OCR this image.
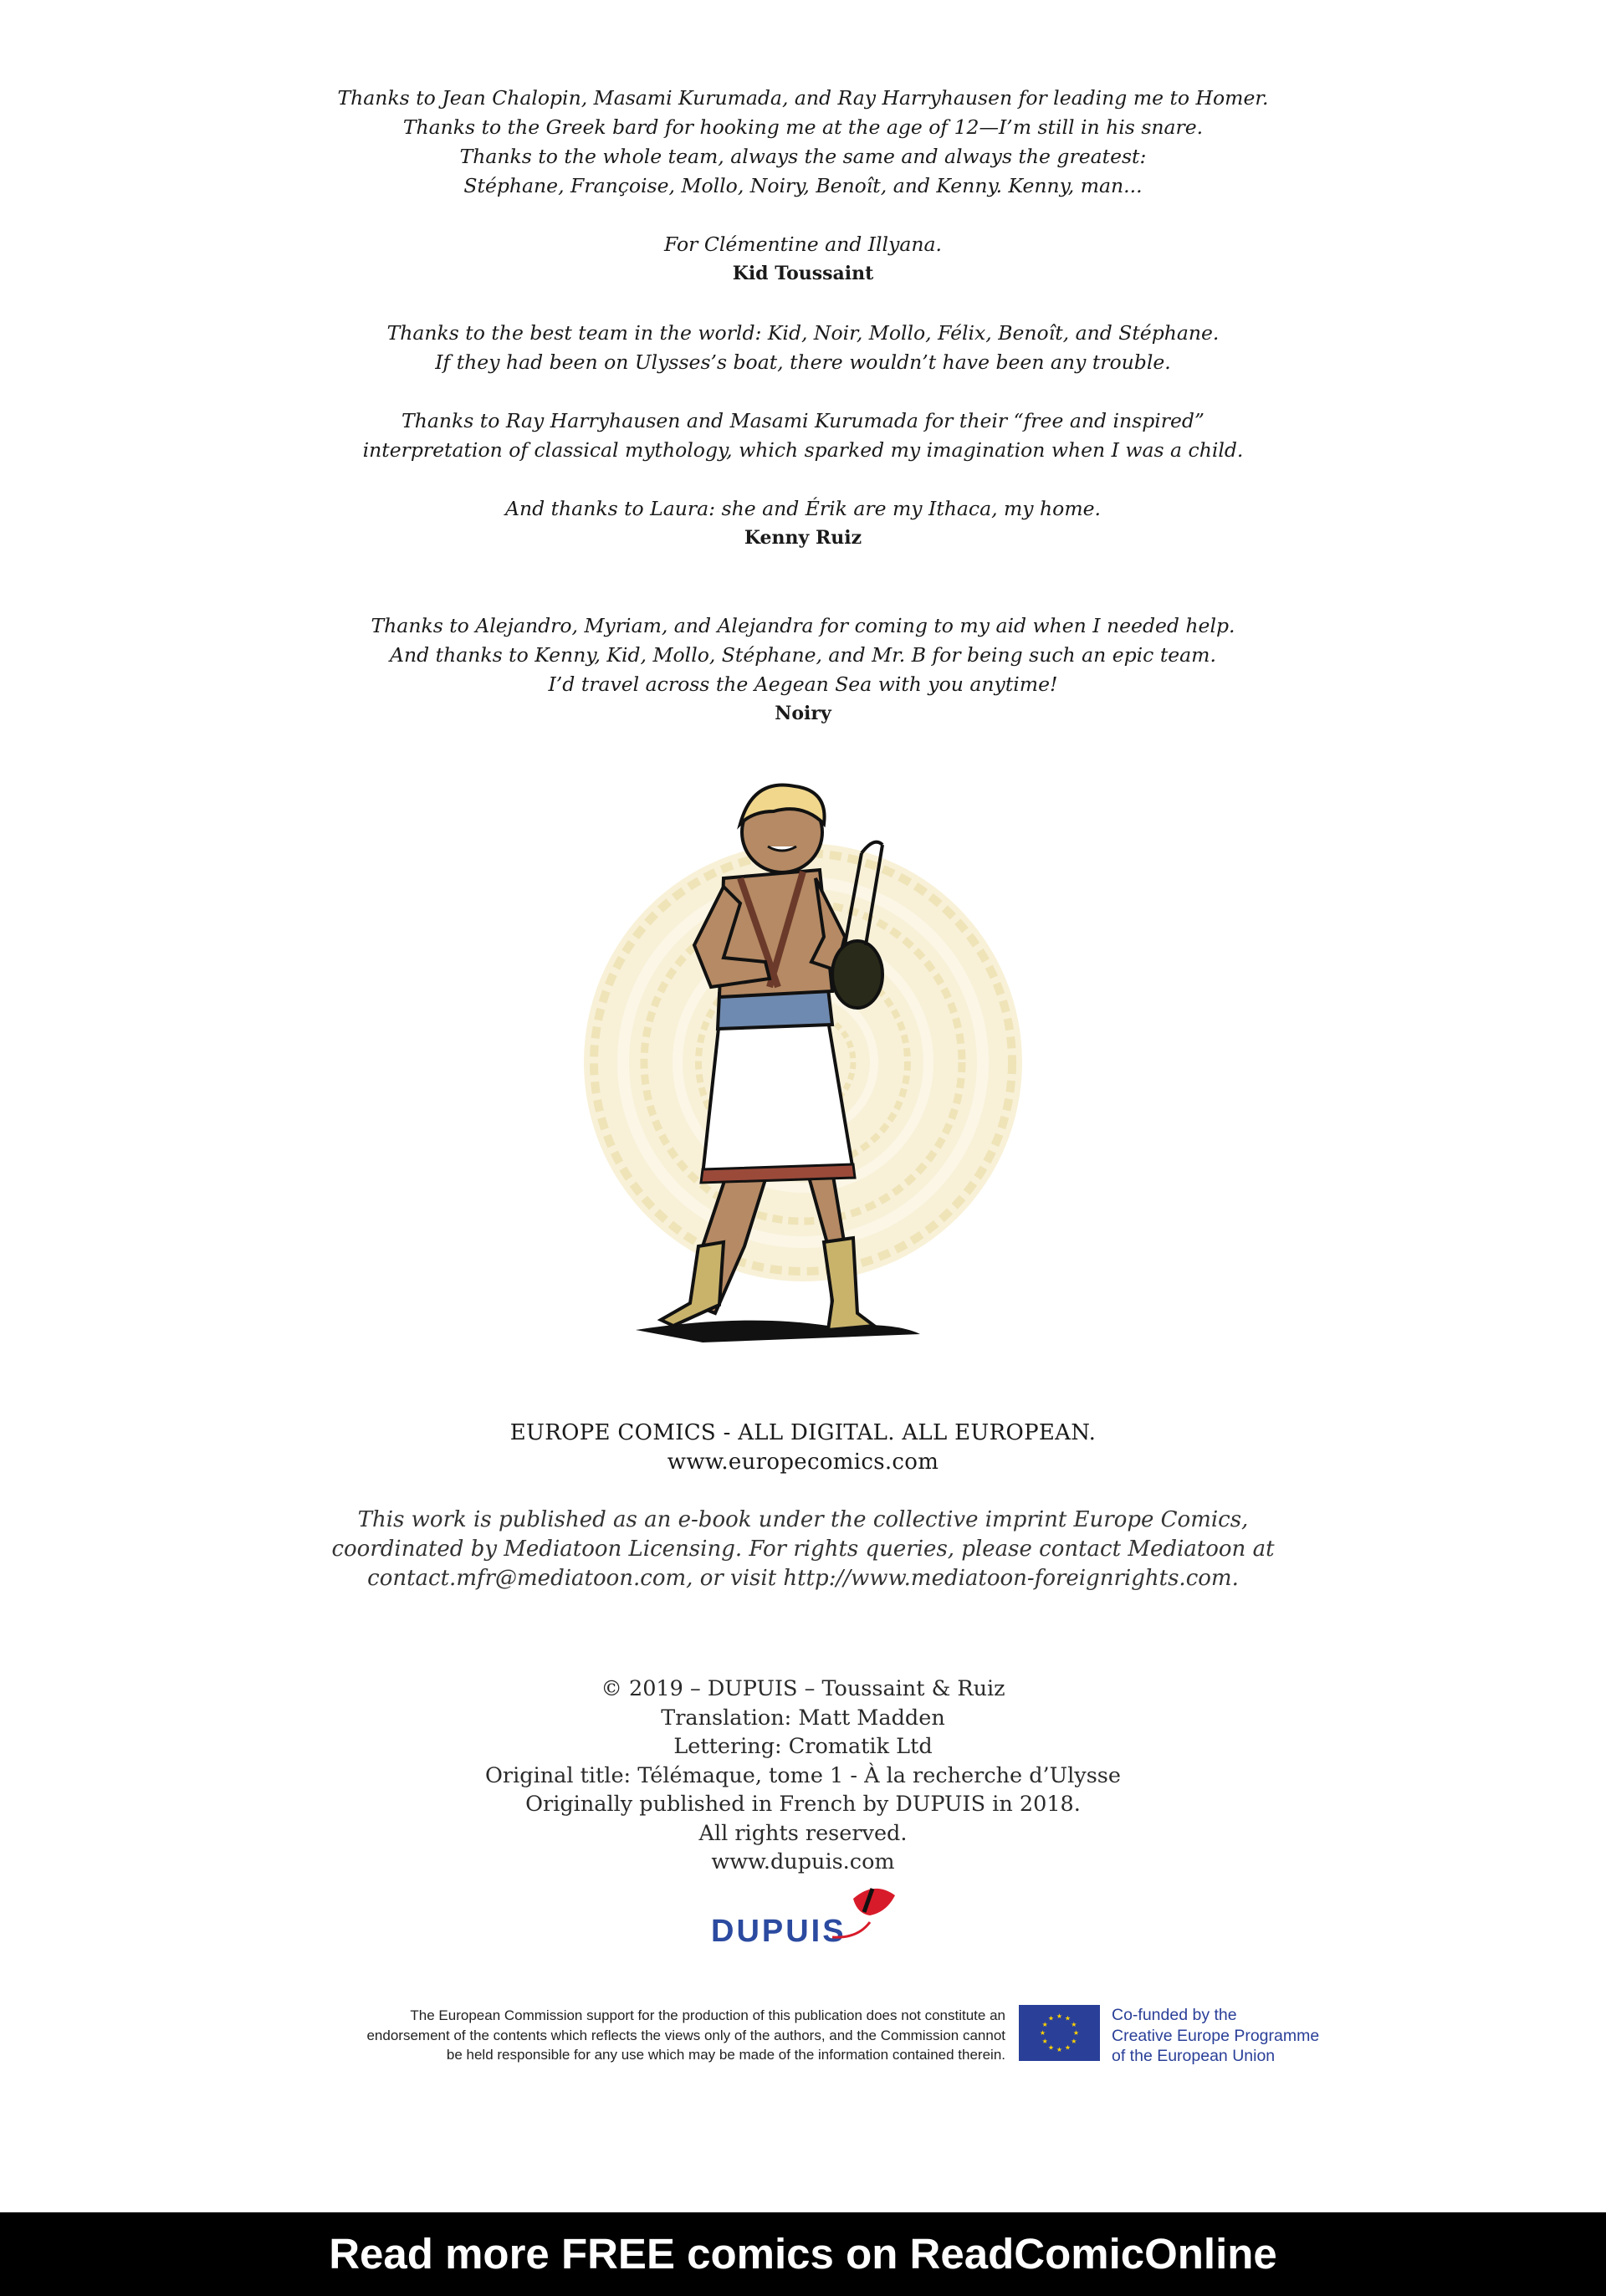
Thanks to Jean Chalopin, Masami Kurumada, and Ray Harryhausen for leading me to Homer.
Thanks to the Greek bard for hooking me at the age of 12—I’m still in his snare.
Thanks to the whole team, always the same and always the greatest:
Stéphane, Françoise, Mollo, Noiry, Benoît, and Kenny. Kenny, man...
For Clémentine and Illyana.
Kid Toussaint
Thanks to the best team in the world: Kid, Noir, Mollo, Félix, Benoît, and Stéphane.
If they had been on Ulysses’s boat, there wouldn’t have been any trouble.
Thanks to Ray Harryhausen and Masami Kurumada for their “free and inspired”
interpretation of classical mythology, which sparked my imagination when I was a child.
And thanks to Laura: she and Érik are my Ithaca, my home.
Kenny Ruiz
Thanks to Alejandro, Myriam, and Alejandra for coming to my aid when I needed help.
And thanks to Kenny, Kid, Mollo, Stéphane, and Mr. B for being such an epic team.
I’d travel across the Aegean Sea with you anytime!
Noiry
EUROPE COMICS - ALL DIGITAL. ALL EUROPEAN.
www.europecomics.com
This work is published as an e-book under the collective imprint Europe Comics,
coordinated by Mediatoon Licensing. For rights queries, please contact Mediatoon at
contact.mfr@mediatoon.com, or visit http://www.mediatoon-foreignrights.com.
© 2019 – DUPUIS – Toussaint & Ruiz
Translation: Matt Madden
Lettering: Cromatik Ltd
Original title: Télémaque, tome 1 - À la recherche d’Ulysse
Originally published in French by DUPUIS in 2018.
All rights reserved.
www.dupuis.com
DUPUIS
The European Commission support for the production of this publication does not constitute an
endorsement of the contents which reflects the views only of the authors, and the Commission cannot
be held responsible for any use which may be made of the information contained therein.
★ ★
★
★
★
★
★
★
★
★
★
★	Co-funded by the
Creative Europe Programme
of the European Union
Read more FREE comics on ReadComicOnline
